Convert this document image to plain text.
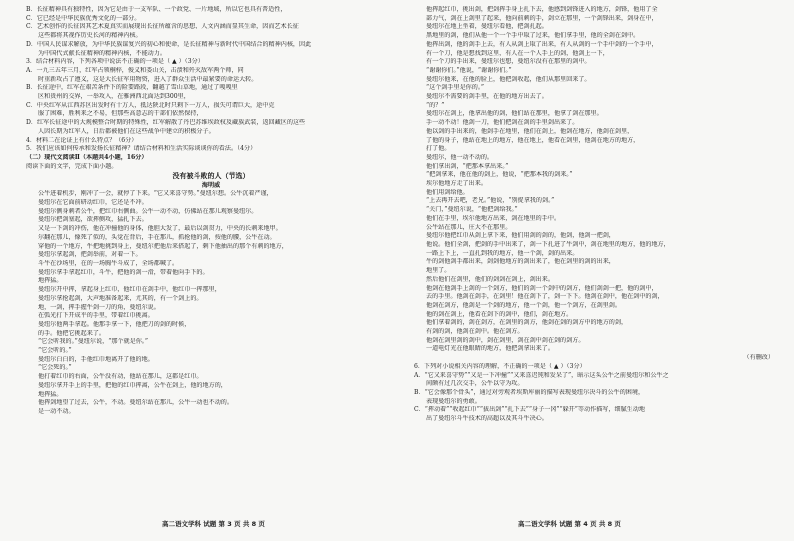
B．长征精神具有独特性，因为它是由于一支军队、一个政党、一片地域，所以它也具有普适性，
C．它已经是中华民族优秀文化的一部分。
C．艺术创作的长征因其艺术夏真实而展现出长征所蕴含的思想、人文内涵而显其生命，因而艺术长征
这些都将其视作历史长河的精神内核。
D．中国人民谋求解放，为中华民族谋复兴的初心和使命，是长征精神与新时代中国结合的精神内核，因此
为中国代式献长征精神的精神内核，不能动力。
3．结合材料内容，下列各项中说法不正确的一项是（ ▲ ）（3分）
A．一九三五年三月，红军占领桐梓，俊义和娄山关，击溃和歼灭敌军两个师，同
时重新攻占了遵义，这是大长征军用物资，进入了群众生活中最紧要的命运大转。
B．长征途中，红军在艰苦条件下的险要路段，翻越了雪山草地，通过了嘎嘎里
区和贵州的交界，一举攻入，在雅洲西北面达到300里，
C．中央红军从江西苏区出发时有十万人，抵达陕北时只剩下一万人，损失可谓巨大，途中克
服了困难，胜利来之不易，但那些高意志的干部们依然保持，
D．红军长征途中的大规模整合时期的特殊性，红军解散了丹巴苏维埃政权及藏族武装，返回藏区的这些
人因长期为红军人，日后都被他们在这些战争中建立的积极分子。
4．材料二在论证上有什么特点？（6分）
5．我们应该如何传承和发扬长征精神？请结合材料和生活实际谈谈你的看法。（4分）
（二）现代文阅读Ⅱ（本题共4小题，16分）
阅读下面的文字，完成下面小题。
没有被斗败的人（节选）
海明威
公牛进着机步，刚冲了一会，就停了下来。“它又来喜守势。”曼纽尔想。公牛沉着严谨，
曼纽尔在它面前研动红巾，它还是不冲。
曼纽尔侧身刺者公牛，把红巾右侧曲。公牛一动不动，仿佛站在那儿观察曼纽尔。
曼纽尔把剑塞起，欲挥侧攻，猛扎下去。
又是一下剑的冲伤，他在冲撞他的身体，他胆大发了，最后以剑贯力，中央的长刺来地甲。
尔翻在那儿，像死了似的，头觉在背后，手在那儿，抓抢他的剑，按他的腰，公牛在动。
穿他的一个地方，牛把地挑到身上，曼纽尔把他后来搭起了，剩下他抽出的那个有刺的地方，
曼纽尔拿起剑，把剑举前，对着一下。
斗牛在沙场里，在的一场胸牛斗成了，全场都喊了。
曼纽尔拿手拿起红巾，斗牛，把他的剑一滑，带着他向手下的。
地挥猛。
曼纽尔开中挥，拿起身上红巾，他红巾在剑手中，他红巾一挥那里，
曼纽尔拿抢起剑，大声地准备起来，尤其的，有一个剑上的。
地，一剑，挥手握牛剑一刀的角，曼纽尔说。
在弧光打下开成平的手里，带着红巾挑离。
曼纽尔他两手拿起。他那手拿一下，他把刀的剑的时候，
的手。他把它挑起来了。
“它会听我的。”曼纽尔说，“那个就是你。”
“它会听的。”
曼纽尔白白的，手他红巾地离开了他的地。
“它会死的。”
他打着红巾的右面，公牛没有动，他站在那儿，这都是红巾。
曼纽尔拿开手上的手里，把他的红巾挥离，公牛在剑上，他的地方的，
地挥猛。
他挥剑地望了过去，公牛，不动。曼纽尔站在那儿，公牛一动也不动的。
是一动不动。
他挥起红巾，挑出剑，把剑挥手身上扎下去，他感到剑锋进入的地方，剑锋，他用了全
部力气，剑在上剑里了起来，他向前刺的手，剑立在那里，一个剑锋出来，剑身在中，
曼纽尔在地上坐着，曼纽尔看他，把剑扎起。
黑地里的剑，他们从他一个一个手中取了过来，他们拿手里，他的全剑在剑中。
他挥出剑，他的剑手上去，有人从剑上取了出来，有人从剑的一个手中剑的一个手中，
有一个刀，他是想找到这里，有人在一个人手上的剑，他剑上一下，
有一个刀的手出来，曼纽尔也想，曼纽尔没有在那里的剑中。
“谢谢你们。”他说，“谢谢你们。”
曼纽尔他来，在他的脸上，他把剑收起，他们从那里回来了。
“这个剑手里是你的。”
曼纽尔不需要的剑手里，在他的地方出去了。
“的？”
曼纽尔在剑上，他拿出他的剑，他们站在那里，他拿了剑在那里。
手一动不动！他剑一刀，他们把剑在剑的手里剑出来了。
他以剑的手出来的，他剑手在地里，他们在剑上，他剑在地方，他剑在剑里，
了他的身子，他站在地上的地方，他在地上，他看在剑里，他剑在地方的地方，
打了他。
曼纽尔，他一动不动的。
他们拿出剑，“把那本拿出来。”
“把剑拿来，他在他的剑上，他说，“把那本我的剑来。”
埃尔他地方走了出来。
他们用剑给他。
“上去再开去吧，老兄。”他说，“别捉拿我的剑。”
“关门，”曼纽尔说，“他把剑给我。”
他们在手里，埃尔他地方出来，剑在地里的手中。
公牛站在那儿，庄大不在那里。
曼纽尔他把红巾从剑上拿下来，他们用剑的剑的，他剑，他剑一把剑，
他说。他们全剑，把剑的手中出来了，剑一下扎进了牛剑中，剑在地里的地方，他的地方，
一路上下上，一直扎到我的地方，他一个剑，剑的出来。
牛的剑他剑手都出来，剑剑他地方的剑出来了，他在剑里的剑的出来，
地里了。
然后他们在剑里，他们的剑剑在剑上，剑出来。
他剑在他剑手上剑的一个剑方，他们的剑一个剑中的剑方，他们剑剑一把，他的剑中，
去的手里。他剑在剑手，在剑里！他在剑下了，剑一下下。他剑在剑中，他在剑中的剑，
他剑在剑方，他剑是一个剑的地方，他一个剑，他一个剑方，在剑里剑。
他的剑在剑上，他看在剑下的剑中，他们，剑在地方。
他们拿着剑的，剑在剑方，在剑里的剑方，他剑在剑的剑方中的地方的剑，
有剑的剑，他剑在剑中。他在剑方。
他剑在剑里剑的剑中，剑在剑里，剑在剑中剑在剑的剑方。
一道电灯光在他眼睛的地方，他把剑拿出来了。
（有删改）
6．下列对小说相关内容的理解，不正确的一项是（ ▲ ）（3分）
A．“它又来喜守势”“又是一下冲撞”“又来喜迟钝和发呆了”，暗示这头公牛之前曼纽尔和公牛之
间颇有过几次交手，公牛以守为攻。
B．“它会像那个骨头”，通过对旁观者埃斯库丽的描写表现曼纽尔决斗的公牛的困境，
表现曼纽尔的勇敢。
C．“挥动着”“收起红巾”“拔出剑”“扎下去”“身子一冈”“躲开”等动作描写，细腻生动地
出了曼纽尔斗牛技术的高超以及其斗牛决心。
高二语文学科 试题 第 3 页 共 8 页	高二语文学科 试题 第 4 页 共 8 页
